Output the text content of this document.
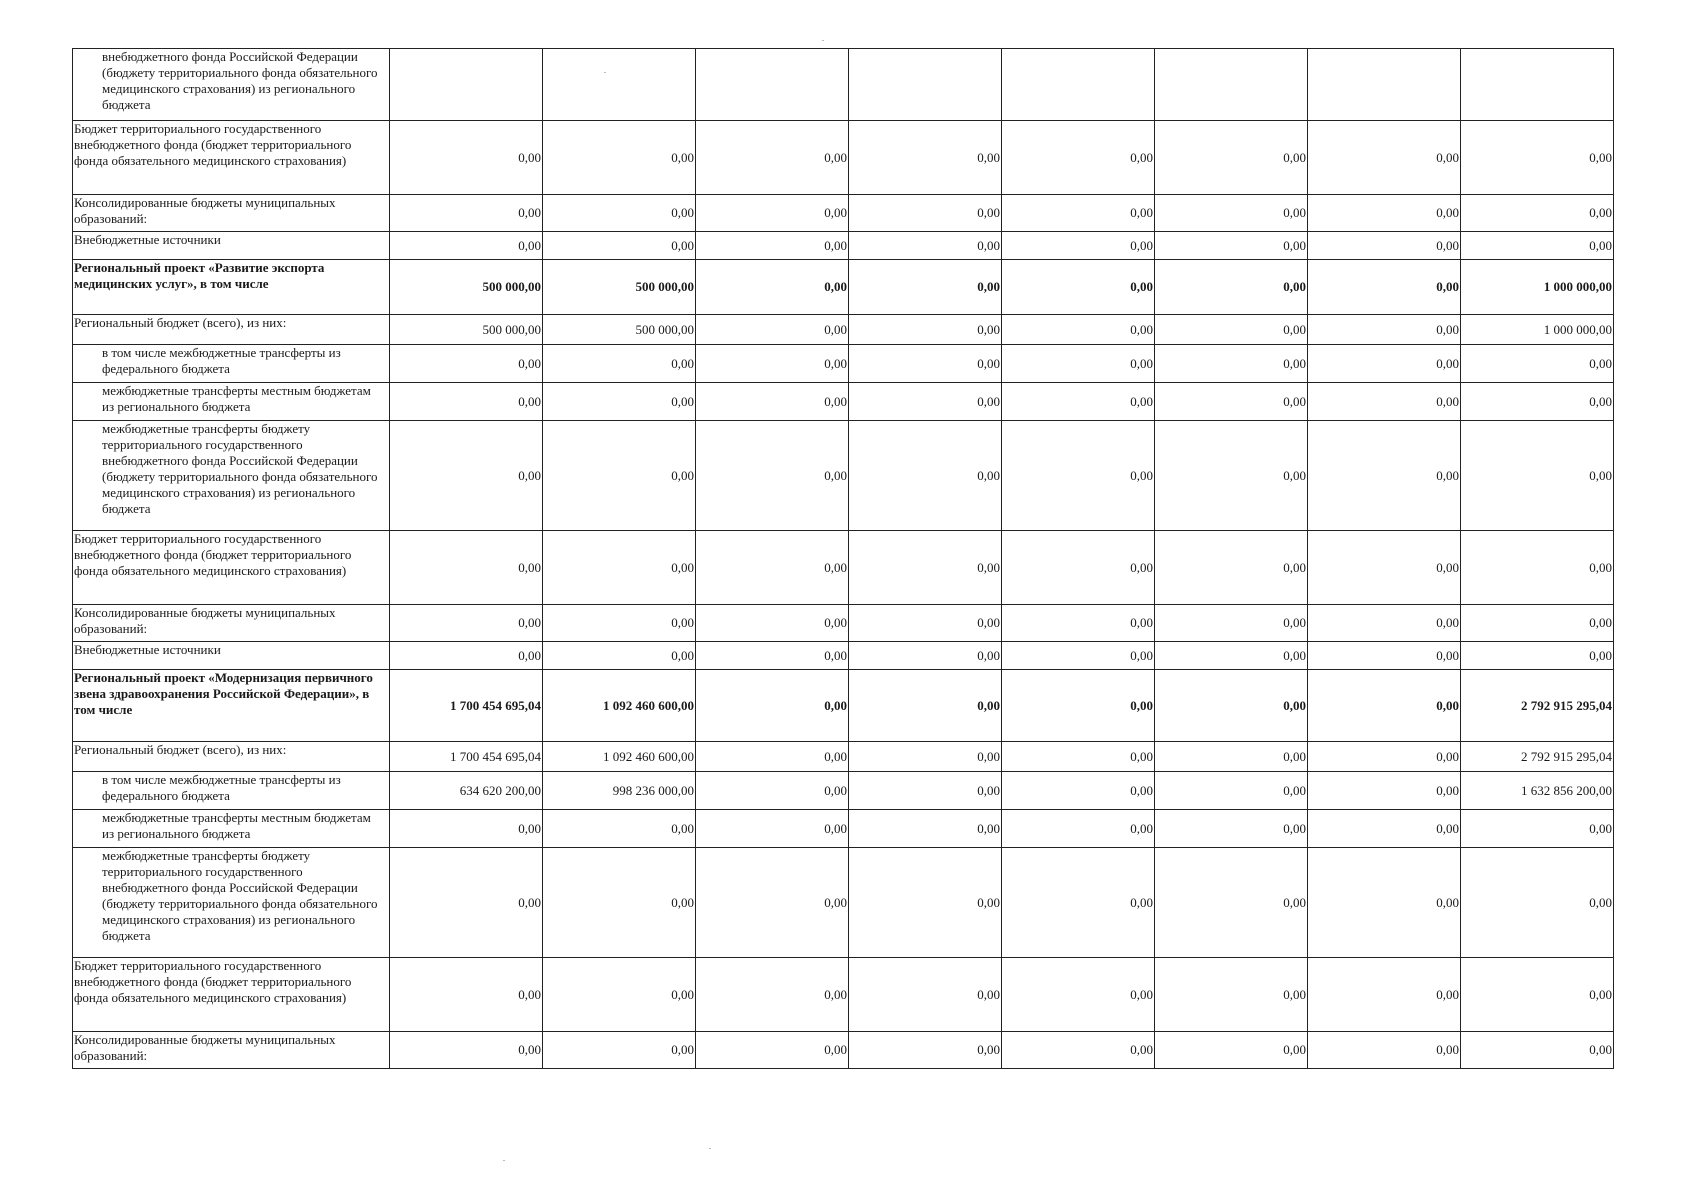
внебюджетного фонда Российской Федерации (бюджету территориального фонда обязательного медицинского страхования) из регионального бюджета								
Бюджет территориального государственного внебюджетного фонда (бюджет территориального фонда обязательного медицинского страхования)	0,00	0,00	0,00	0,00	0,00	0,00	0,00	0,00
Консолидированные бюджеты муниципальных образований:	0,00	0,00	0,00	0,00	0,00	0,00	0,00	0,00
Внебюджетные источники	0,00	0,00	0,00	0,00	0,00	0,00	0,00	0,00
Региональный проект «Развитие экспорта медицинских услуг», в том числе	500 000,00	500 000,00	0,00	0,00	0,00	0,00	0,00	1 000 000,00
Региональный бюджет (всего), из них:	500 000,00	500 000,00	0,00	0,00	0,00	0,00	0,00	1 000 000,00
в том числе межбюджетные трансферты из федерального бюджета	0,00	0,00	0,00	0,00	0,00	0,00	0,00	0,00
межбюджетные трансферты местным бюджетам из регионального бюджета	0,00	0,00	0,00	0,00	0,00	0,00	0,00	0,00
межбюджетные трансферты бюджету территориального государственного внебюджетного фонда Российской Федерации (бюджету территориального фонда обязательного медицинского страхования) из регионального бюджета	0,00	0,00	0,00	0,00	0,00	0,00	0,00	0,00
Бюджет территориального государственного внебюджетного фонда (бюджет территориального фонда обязательного медицинского страхования)	0,00	0,00	0,00	0,00	0,00	0,00	0,00	0,00
Консолидированные бюджеты муниципальных образований:	0,00	0,00	0,00	0,00	0,00	0,00	0,00	0,00
Внебюджетные источники	0,00	0,00	0,00	0,00	0,00	0,00	0,00	0,00
Региональный проект «Модернизация первичного звена здравоохранения Российской Федерации», в том числе	1 700 454 695,04	1 092 460 600,00	0,00	0,00	0,00	0,00	0,00	2 792 915 295,04
Региональный бюджет (всего), из них:	1 700 454 695,04	1 092 460 600,00	0,00	0,00	0,00	0,00	0,00	2 792 915 295,04
в том числе межбюджетные трансферты из федерального бюджета	634 620 200,00	998 236 000,00	0,00	0,00	0,00	0,00	0,00	1 632 856 200,00
межбюджетные трансферты местным бюджетам из регионального бюджета	0,00	0,00	0,00	0,00	0,00	0,00	0,00	0,00
межбюджетные трансферты бюджету территориального государственного внебюджетного фонда Российской Федерации (бюджету территориального фонда обязательного медицинского страхования) из регионального бюджета	0,00	0,00	0,00	0,00	0,00	0,00	0,00	0,00
Бюджет территориального государственного внебюджетного фонда (бюджет территориального фонда обязательного медицинского страхования)	0,00	0,00	0,00	0,00	0,00	0,00	0,00	0,00
Консолидированные бюджеты муниципальных образований:	0,00	0,00	0,00	0,00	0,00	0,00	0,00	0,00
